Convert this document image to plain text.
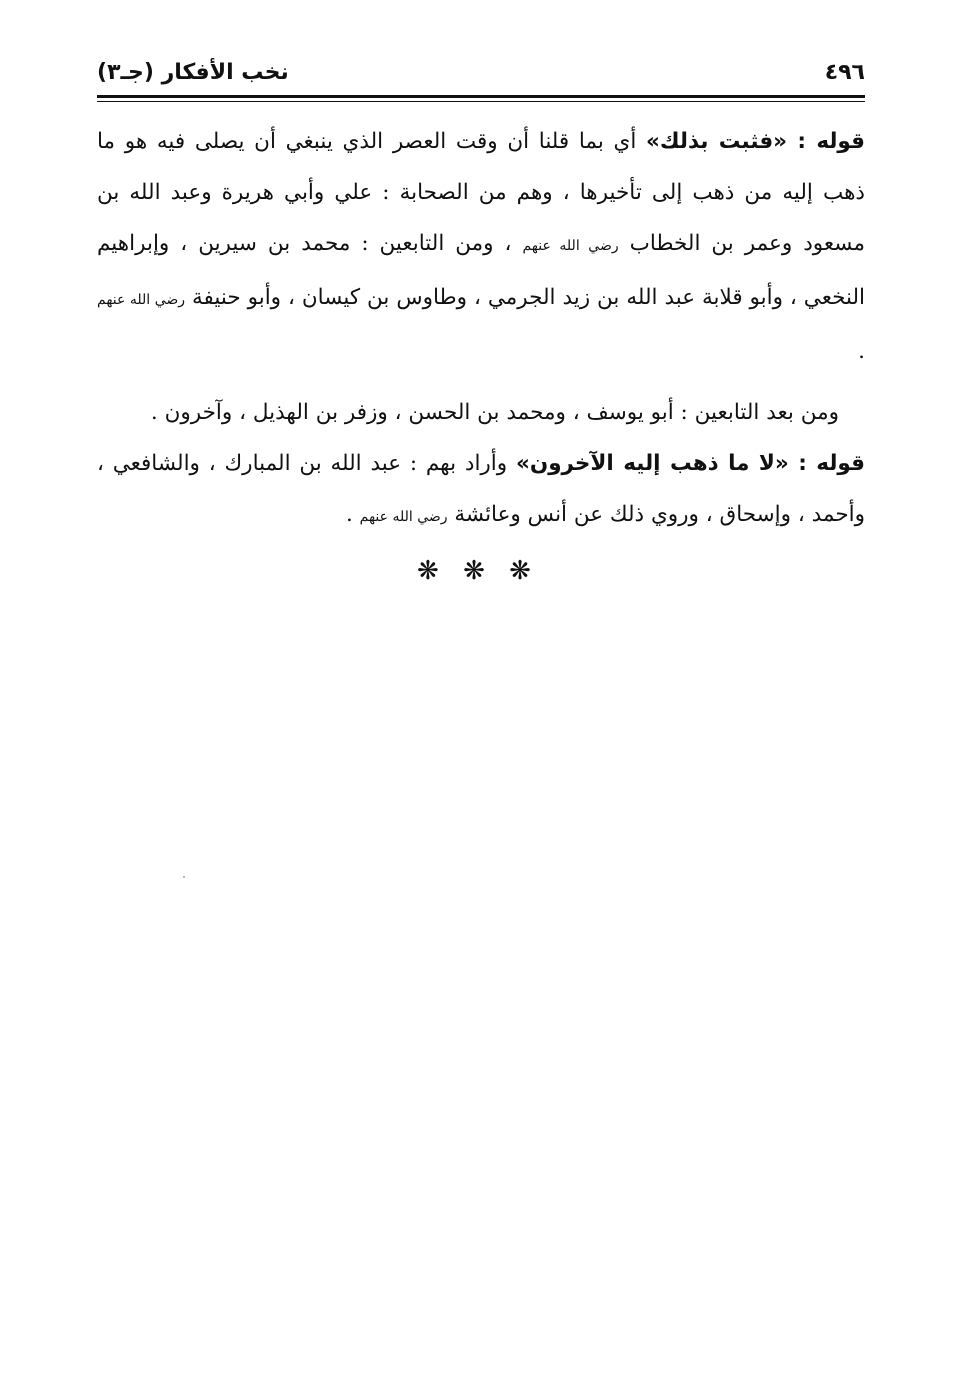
٤٩٦
نخب الأفكار (جـ٣)

قوله : «فثبت بذلك» أي بما قلنا أن وقت العصر الذي ينبغي أن يصلى فيه هو ما ذهب إليه من ذهب إلى تأخيرها ، وهم من الصحابة : علي وأبي هريرة وعبد الله بن مسعود وعمر بن الخطاب رضي الله عنهم ، ومن التابعين : محمد بن سيرين ، وإبراهيم النخعي ، وأبو قلابة عبد الله بن زيد الجرمي ، وطاوس بن كيسان ، وأبو حنيفة رضي الله عنهم .

ومن بعد التابعين : أبو يوسف ، ومحمد بن الحسن ، وزفر بن الهذيل ، وآخرون .

قوله : «لا ما ذهب إليه الآخرون» وأراد بهم : عبد الله بن المبارك ، والشافعي ، وأحمد ، وإسحاق ، وروي ذلك عن أنس وعائشة رضي الله عنهم .

❋ ❋ ❋
